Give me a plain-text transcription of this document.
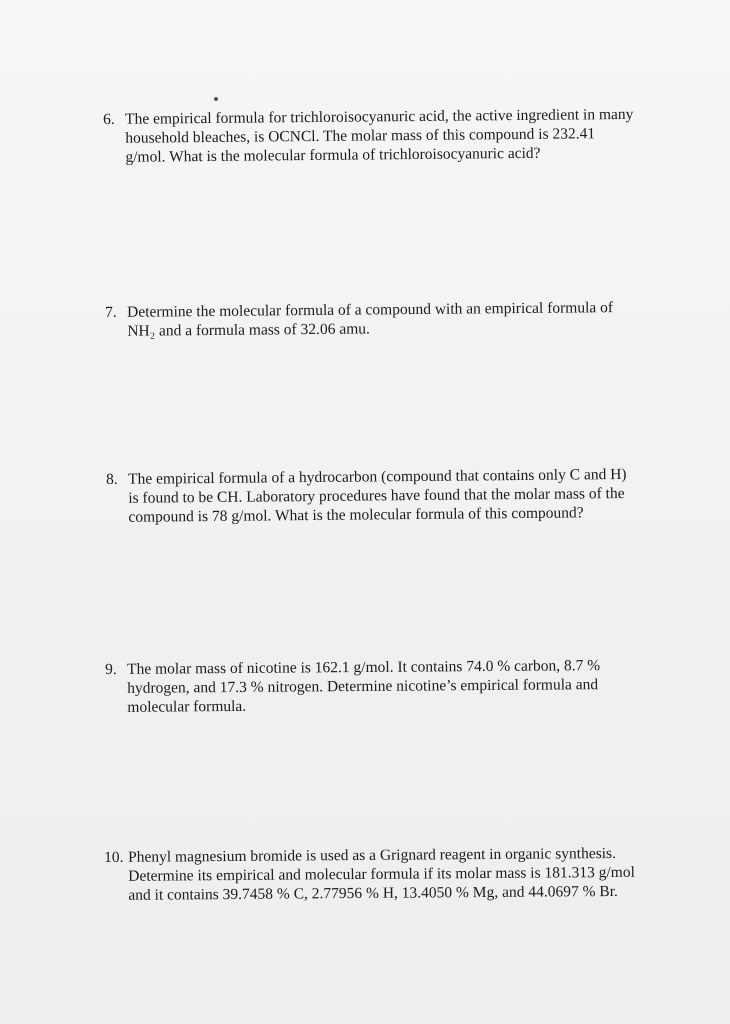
6. The empirical formula for trichloroisocyanuric acid, the active ingredient in many
household bleaches, is OCNCl. The molar mass of this compound is 232.41
g/mol. What is the molecular formula of trichloroisocyanuric acid?
7. Determine the molecular formula of a compound with an empirical formula of
NH₂ and a formula mass of 32.06 amu.
8. The empirical formula of a hydrocarbon (compound that contains only C and H)
is found to be CH. Laboratory procedures have found that the molar mass of the
compound is 78 g/mol. What is the molecular formula of this compound?
9. The molar mass of nicotine is 162.1 g/mol. It contains 74.0 % carbon, 8.7 %
hydrogen, and 17.3 % nitrogen. Determine nicotine’s empirical formula and
molecular formula.
10. Phenyl magnesium bromide is used as a Grignard reagent in organic synthesis.
Determine its empirical and molecular formula if its molar mass is 181.313 g/mol
and it contains 39.7458 % C, 2.77956 % H, 13.4050 % Mg, and 44.0697 % Br.
